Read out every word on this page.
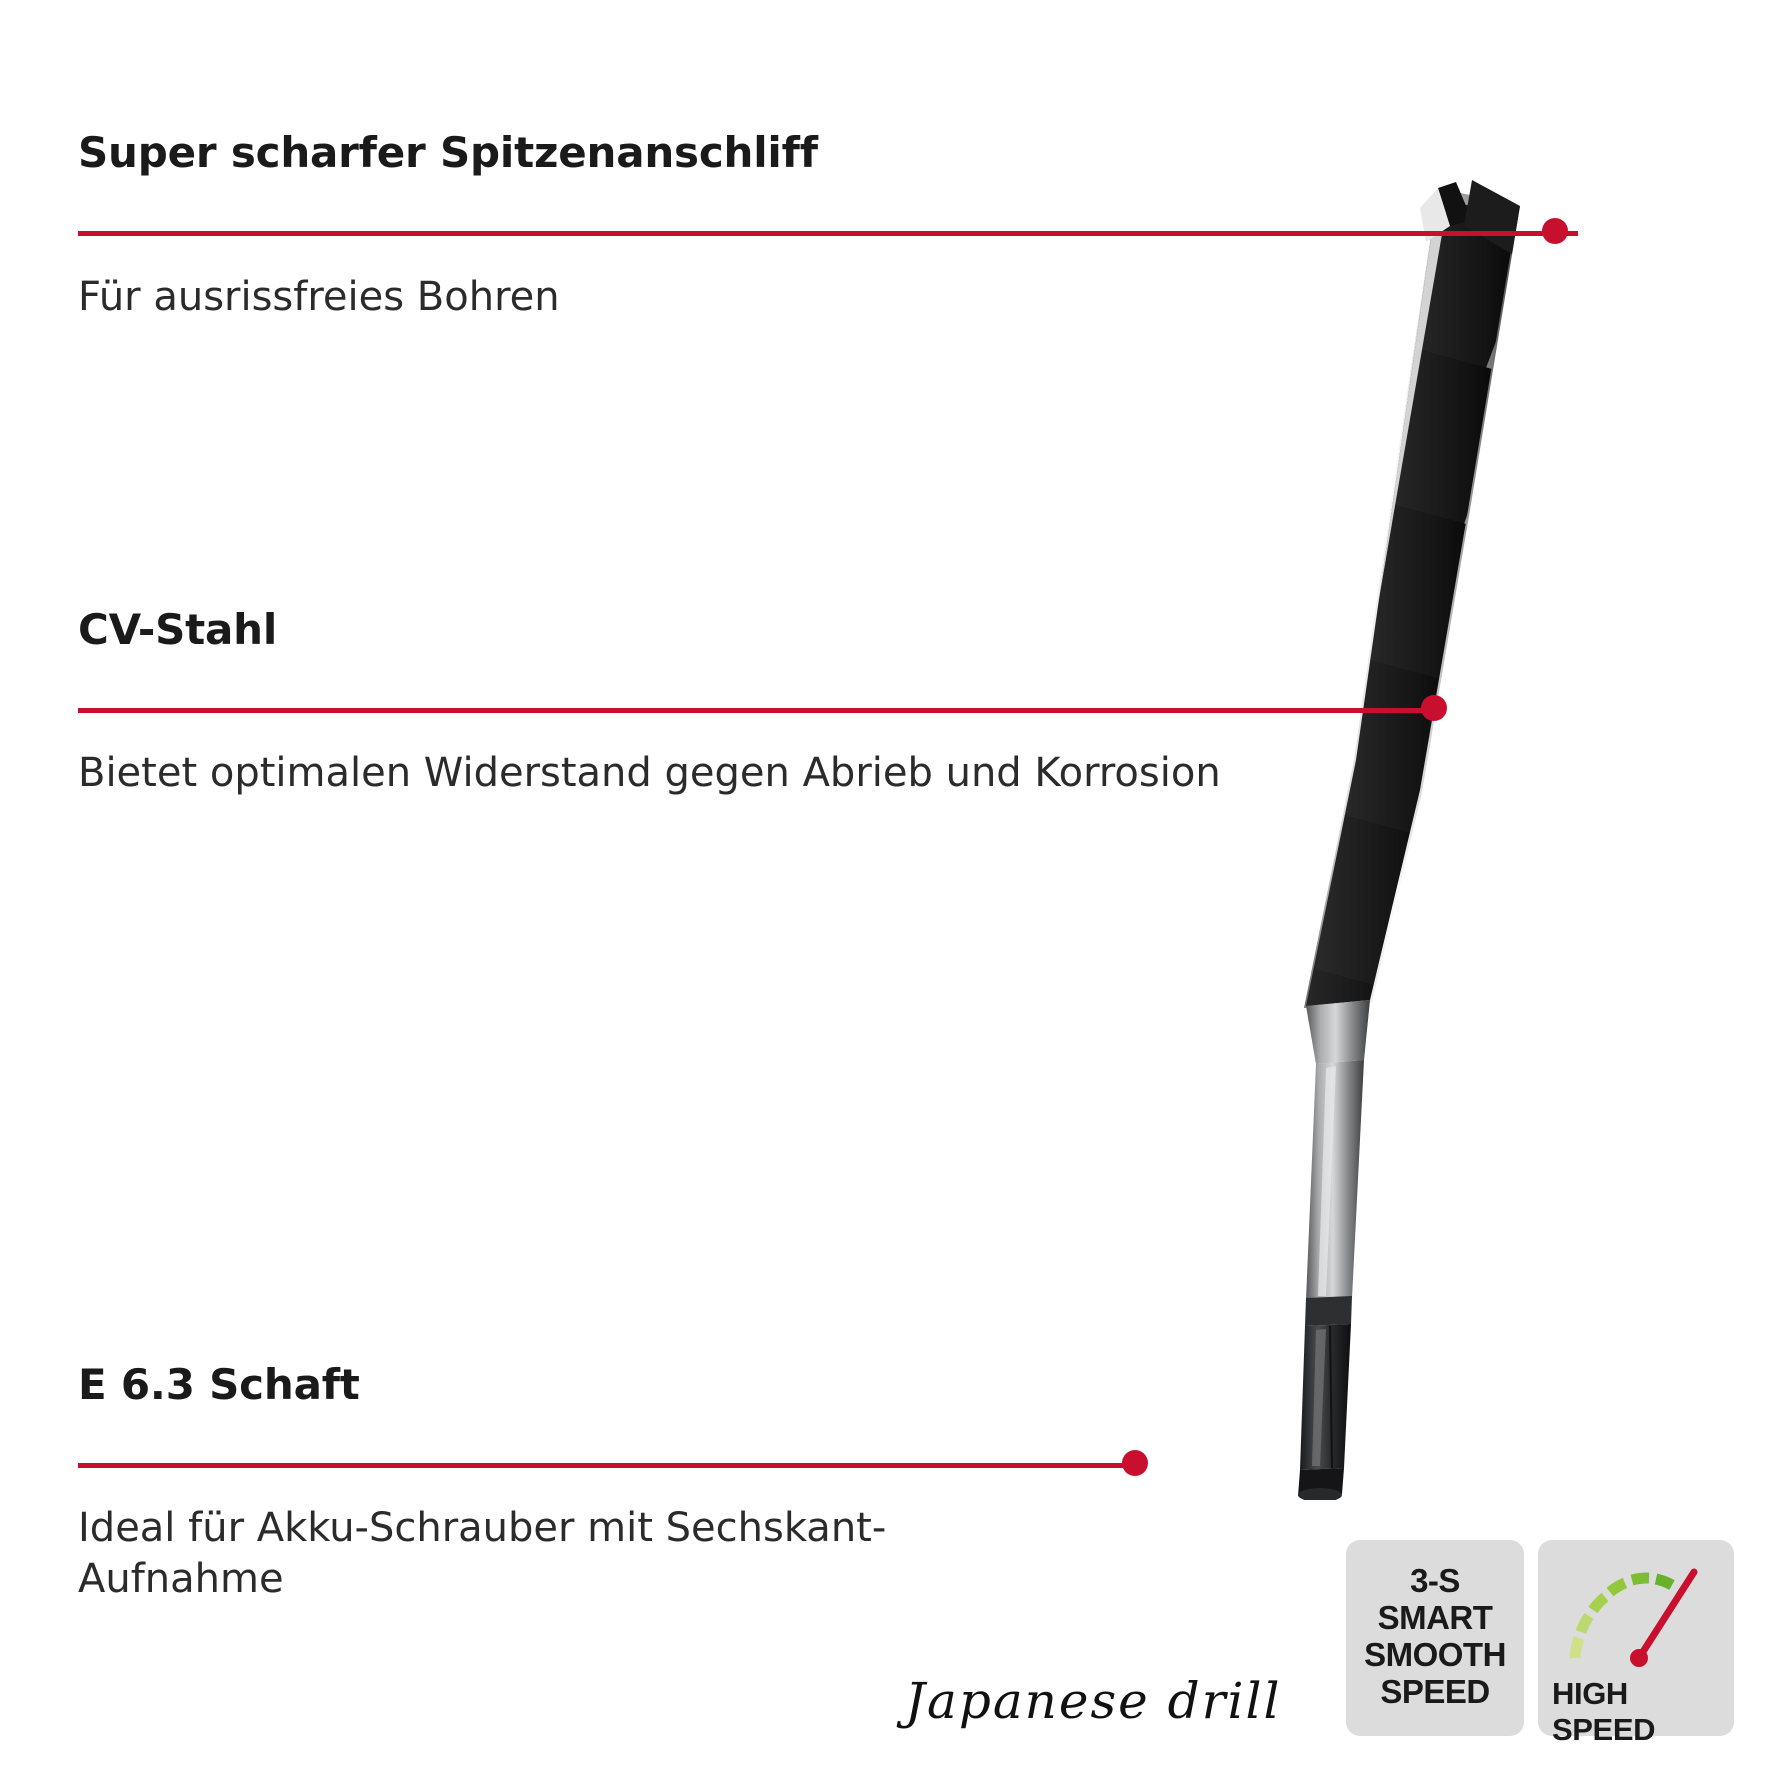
Super scharfer Spitzenanschliff
Für ausrissfreies Bohren
CV-Stahl
Bietet optimalen Widerstand gegen Abrieb und Korrosion
E 6.3 Schaft
Ideal für Akku-Schrauber mit Sechskant-Aufnahme
Japanese drill
3-S
SMART
SMOOTH
SPEED HIGH SPEED
